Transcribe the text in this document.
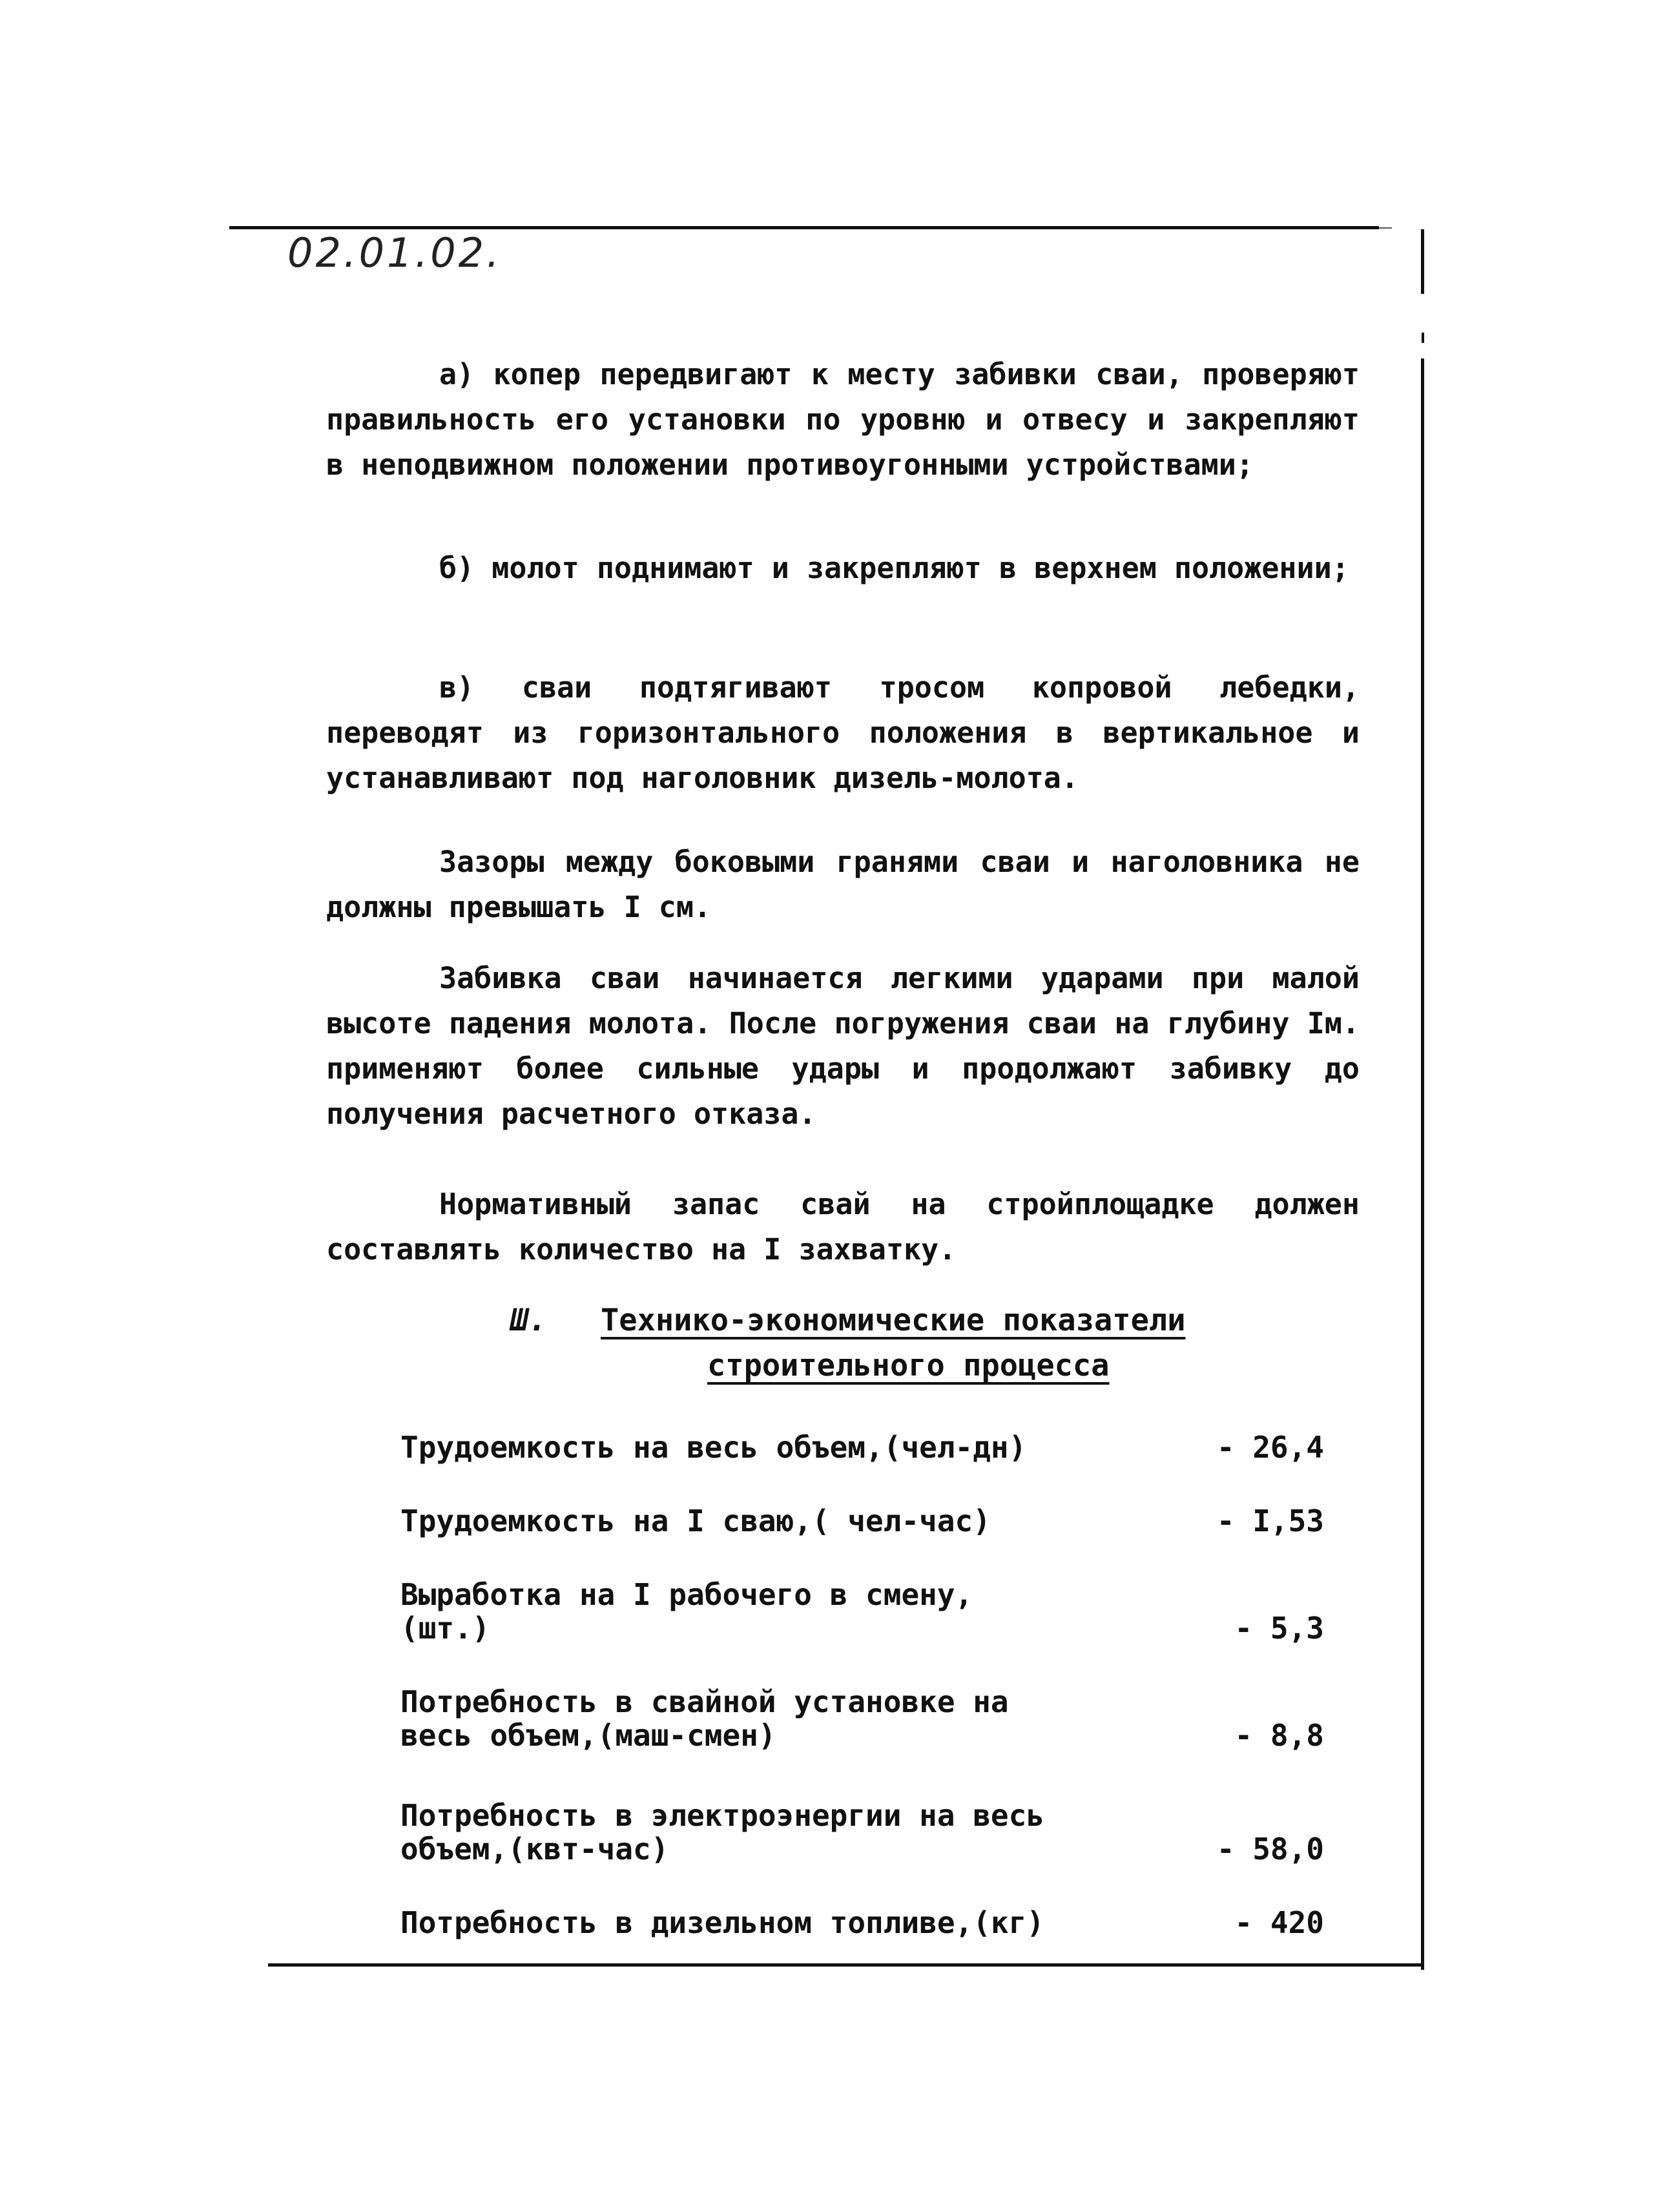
02.01.02.

а) копер передвигают к месту забивки сваи, проверяют правильность его установки по уровню и отвесу и закрепляют в неподвижном положении противоугонными устройствами;

б) молот поднимают и закрепляют в верхнем положении;

в) сваи подтягивают тросом копровой лебедки, переводят из горизонтального положения в вертикальное и устанавливают под наголовник дизель-молота.

Зазоры между боковыми гранями сваи и наголовника не должны превышать I см.

Забивка сваи начинается легкими ударами при малой высоте падения молота. После погружения сваи на глубину Iм. применяют более сильные удары и продолжают забивку до получения расчетного отказа.

Нормативный запас свай на стройплощадке должен составлять количество на I захватку.

Ш. Технико-экономические показатели
строительного процесса
Трудоемкость на весь объем,(чел-дн)	- 26,4
Трудоемкость на I сваю,( чел-час)	- I,53
Выработка на I рабочего в смену,(шт.)	- 5,3
Потребность в свайной установке на весь объем,(маш-смен)	- 8,8
Потребность в электроэнергии на весь объем,(квт-час)	- 58,0
Потребность в дизельном топливе,(кг)	- 420
